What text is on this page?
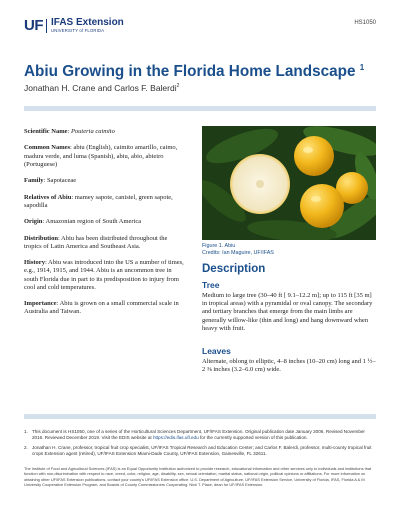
UF IFAS Extension
UNIVERSITY of FLORIDA
HS1050
Abiu Growing in the Florida Home Landscape $^1$
Jonathan H. Crane and Carlos F. Balerdi$^2$

Scientific Name: Pouteria caimito

Common Names: abiu (English), caimito amarillo, caimo, madura verde, and luma (Spanish), abiu, abio, abieiro (Portuguese)

Family: Sapotaceae

Relatives of Abiu: mamey sapote, canistel, green sapote, sapodilla

Origin: Amazonian region of South America

Distribution: Abiu has been distributed throughout the tropics of Latin America and Southeast Asia.

History: Abiu was introduced into the US a number of times, e.g., 1914, 1915, and 1944. Abiu is an uncommon tree in south Florida due in part to its predisposition to injury from cool and cold temperatures.

Importance: Abiu is grown on a small commercial scale in Australia and Taiwan.

Figure 1. Abiu
Credits: Ian Maguire, UF/IFAS
Description
Tree
Medium to large tree (30–40 ft [ 9.1–12.2 m]; up to 115 ft [35 m] in tropical areas) with a pyramidal or oval canopy. The secondary and tertiary branches that emerge from the main limbs are generally willow-like (thin and long) and hang downward when heavy with fruit.
Leaves
Alternate, oblong to elliptic, 4–8 inches (10–20 cm) long and 1 ½–2 ⅜ inches (3.2–6.0 cm) wide.
1. This document is HS1050, one of a series of the Horticultural Sciences Department, UF/IFAS Extension. Original publication date January 2006. Revised November 2016. Reviewed December 2019. Visit the EDIS website at https://edis.ifas.ufl.edu for the currently supported version of this publication.
2. Jonathan H. Crane, professor, tropical fruit crop specialist, UF/IFAS Tropical Research and Education Center; and Carlos F. Balerdi, professor, multi-county tropical fruit crops Extension agent (retired), UF/IFAS Extension Miami-Dade County, UF/IFAS Extension, Gainesville, FL 32611.
The Institute of Food and Agricultural Sciences (IFAS) is an Equal Opportunity Institution authorized to provide research, educational information and other services only to individuals and institutions that function with non-discrimination with respect to race, creed, color, religion, age, disability, sex, sexual orientation, marital status, national origin, political opinions or affiliations. For more information on obtaining other UF/IFAS Extension publications, contact your county's UF/IFAS Extension office. U.S. Department of Agriculture, UF/IFAS Extension Service, University of Florida, IFAS, Florida A & M University Cooperative Extension Program, and Boards of County Commissioners Cooperating. Nick T. Place, dean for UF/IFAS Extension.
